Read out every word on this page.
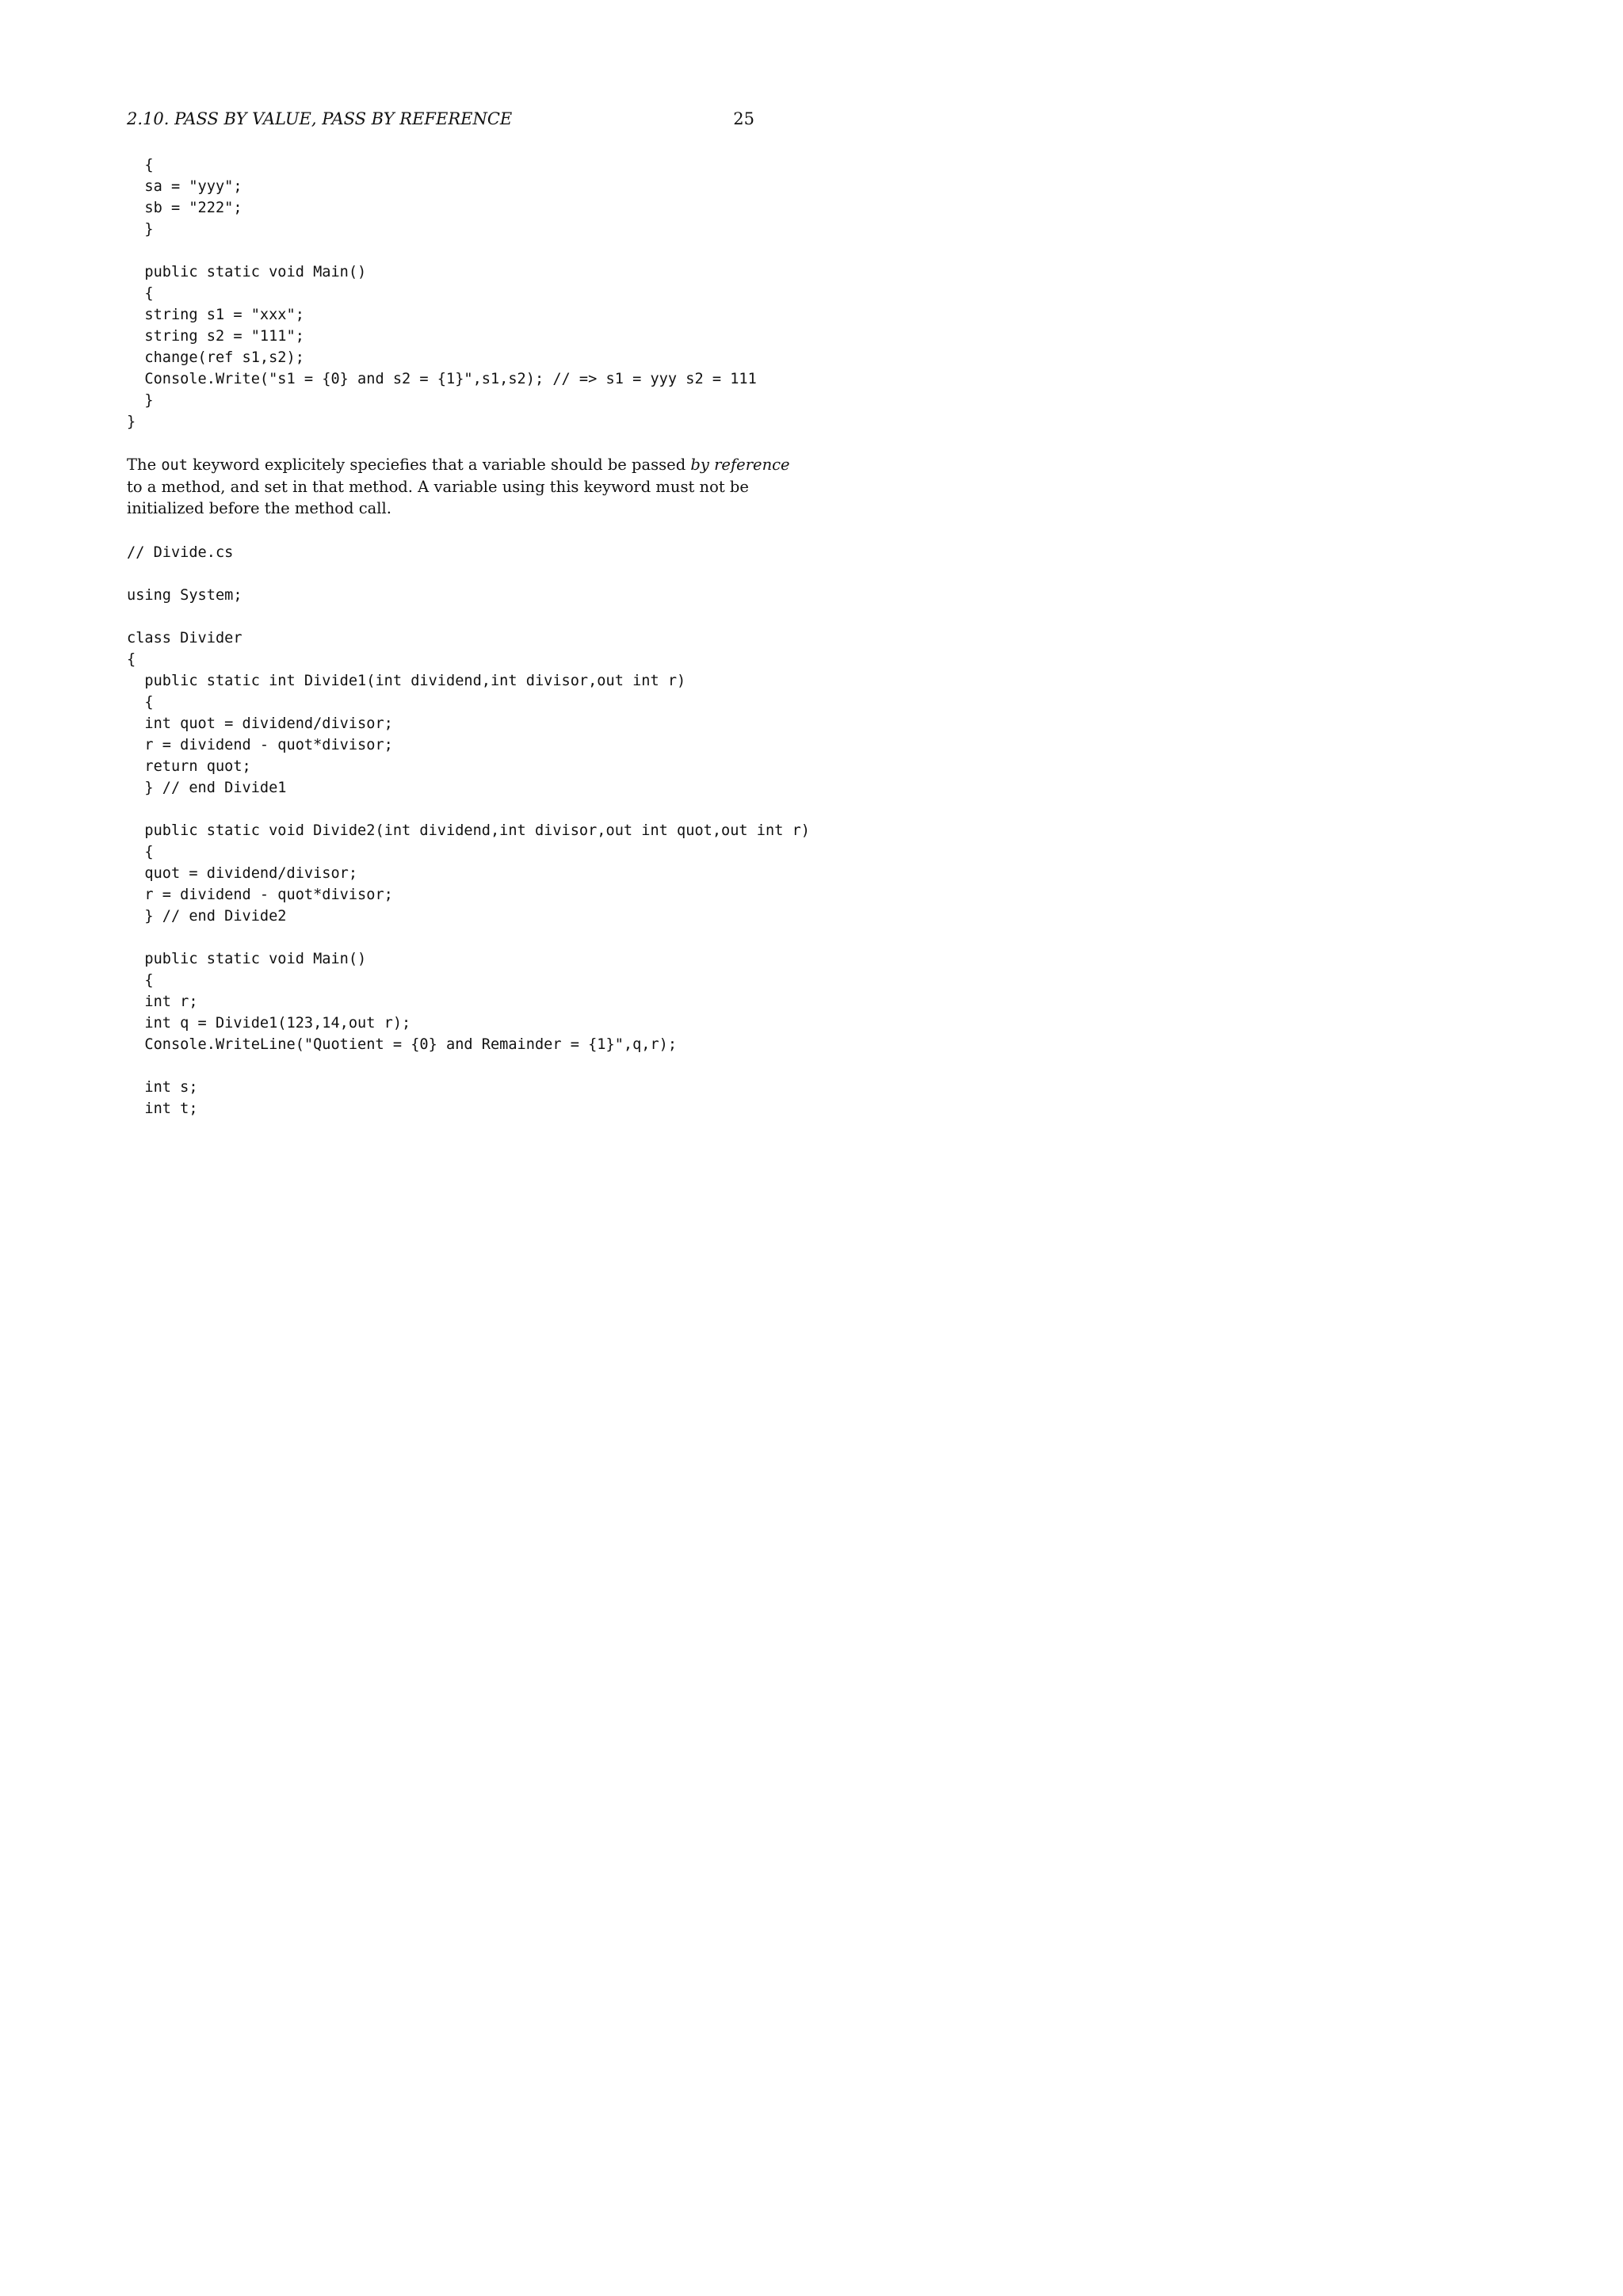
2.10. PASS BY VALUE, PASS BY REFERENCE	25
{
sa = "yyy";
sb = "222";
}

public static void Main()
{
string s1 = "xxx";
string s2 = "111";
change(ref s1,s2);
Console.Write("s1 = {0} and s2 = {1}",s1,s2); // => s1 = yyy s2 = 111
}
}
The out keyword explicitely speciefies that a variable should be passed by reference
to a method, and set in that method. A variable using this keyword must not be
initialized before the method call.
// Divide.cs

using System;

class Divider
{
public static int Divide1(int dividend,int divisor,out int r)
{
int quot = dividend/divisor;
r = dividend - quot*divisor;
return quot;
} // end Divide1

public static void Divide2(int dividend,int divisor,out int quot,out int r)
{
quot = dividend/divisor;
r = dividend - quot*divisor;
} // end Divide2

public static void Main()
{
int r;
int q = Divide1(123,14,out r);
Console.WriteLine("Quotient = {0} and Remainder = {1}",q,r);

int s;
int t;
